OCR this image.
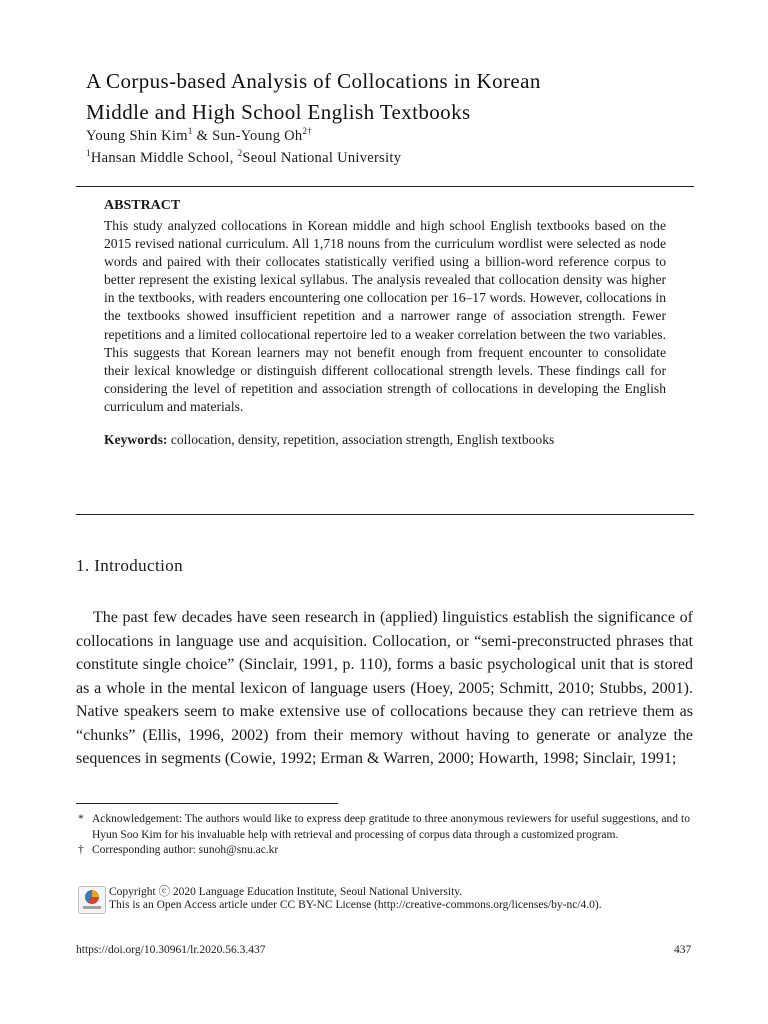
A Corpus-based Analysis of Collocations in Korean
Middle and High School English Textbooks
Young Shin Kim$^1$ & Sun-Young $Oh^{2\dagger}$
$^1$Hansan Middle School, $^2$Seoul National University

ABSTRACT

This study analyzed collocations in Korean middle and high school English textbooks based on the 2015 revised national curriculum. All 1,718 nouns from the curriculum wordlist were selected as node words and paired with their collocates statistically verified using a billion-word reference corpus to better represent the existing lexical syllabus. The analysis revealed that collocation density was higher in the textbooks, with readers encountering one collocation per 16–17 words. However, collocations in the textbooks showed insufficient repetition and a narrower range of association strength. Fewer repetitions and a limited collocational repertoire led to a weaker correlation between the two variables. This suggests that Korean learners may not benefit enough from frequent encounter to consolidate their lexical knowledge or distinguish different collocational strength levels. These findings call for considering the level of repetition and association strength of collocations in developing the English curriculum and materials.

Keywords: collocation, density, repetition, association strength, English textbooks

1. Introduction

The past few decades have seen research in (applied) linguistics establish the significance of collocations in language use and acquisition. Collocation, or “semi-preconstructed phrases that constitute single choice” (Sinclair, 1991, p. 110), forms a basic psychological unit that is stored as a whole in the mental lexicon of language users (Hoey, 2005; Schmitt, 2010; Stubbs, 2001). Native speakers seem to make extensive use of collocations because they can retrieve them as “chunks” (Ellis, 1996, 2002) from their memory without having to generate or analyze the sequences in segments (Cowie, 1992; Erman & Warren, 2000; Howarth, 1998; Sinclair, 1991;

* Acknowledgement: The authors would like to express deep gratitude to three anonymous reviewers for useful suggestions, and to Hyun Soo Kim for his invaluable help with retrieval and processing of corpus data through a customized program.

† Corresponding author: sunoh@snu.ac.kr

Copyright ⓒ 2020 Language Education Institute, Seoul National University.
This is an Open Access article under CC BY-NC License (http://creative-commons.org/licenses/by-nc/4.0).
https://doi.org/10.30961/lr.2020.56.3.437	437
